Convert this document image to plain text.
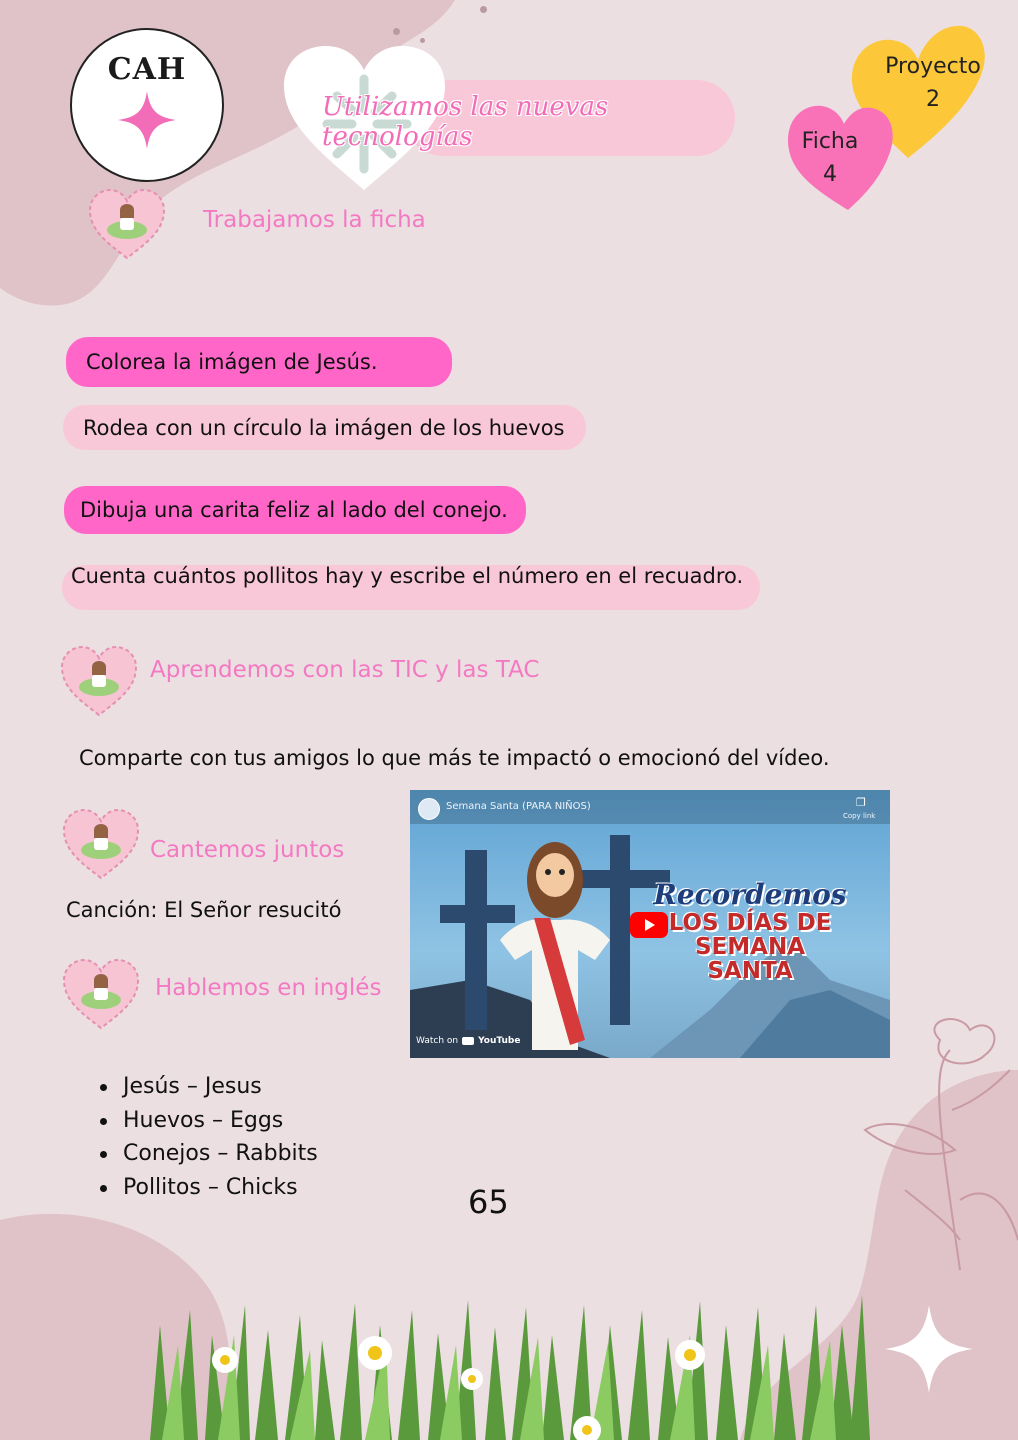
CAH
Utilizamos las nuevas tecnologías
Proyecto
2
Ficha
4
Trabajamos la ficha
Colorea la imágen de Jesús.
Rodea con un círculo la imágen de los huevos
Dibuja una carita feliz al lado del conejo.
Cuenta cuántos pollitos hay y escribe el número en el recuadro.
Aprendemos con las TIC y las TAC
Comparte con tus amigos lo que más te impactó o emocionó del vídeo.
Cantemos juntos
Canción: El Señor resucitó
Hablemos en inglés
Semana Santa (PARA NIÑOS)	❐
Copy link
Recordemos
LOS DÍAS DE
SEMANA SANTA
Watch on YouTube
Jesús – Jesus
Huevos – Eggs
Conejos – Rabbits
Pollitos – Chicks	65
